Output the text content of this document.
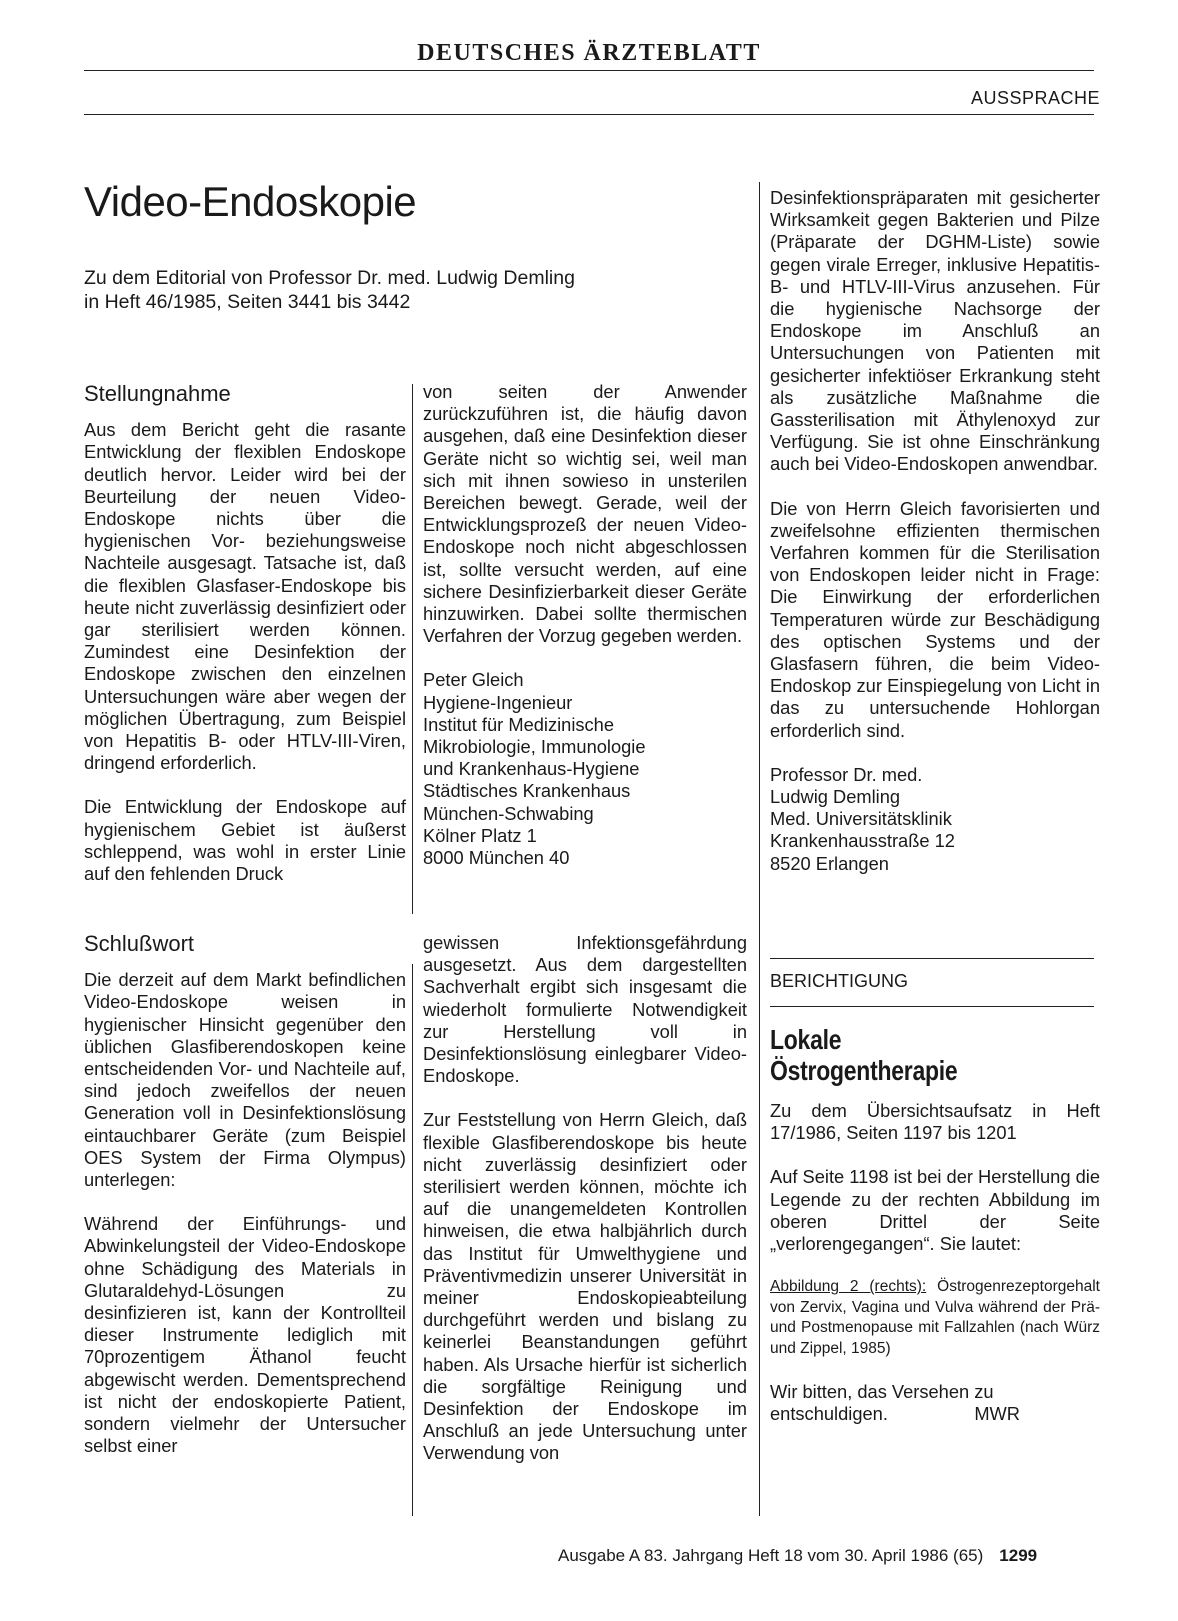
DEUTSCHES ÄRZTEBLATT
AUSSPRACHE
Video-Endoskopie
Zu dem Editorial von Professor Dr. med. Ludwig Demling
in Heft 46/1985, Seiten 3441 bis 3442
Stellungnahme

Aus dem Bericht geht die rasante Entwicklung der flexiblen Endoskope deutlich hervor. Leider wird bei der Beurteilung der neuen Video-Endoskope nichts über die hygienischen Vor- beziehungsweise Nachteile ausgesagt. Tatsache ist, daß die flexiblen Glasfaser-Endoskope bis heute nicht zuverlässig desinfiziert oder gar sterilisiert werden können. Zumindest eine Desinfektion der Endoskope zwischen den einzelnen Untersuchungen wäre aber wegen der möglichen Übertragung, zum Beispiel von Hepatitis B- oder HTLV-III-Viren, dringend erforderlich.

Die Entwicklung der Endoskope auf hygienischem Gebiet ist äußerst schleppend, was wohl in erster Linie auf den fehlenden Druck

von seiten der Anwender zurückzuführen ist, die häufig davon ausgehen, daß eine Desinfektion dieser Geräte nicht so wichtig sei, weil man sich mit ihnen sowieso in unsterilen Bereichen bewegt. Gerade, weil der Entwicklungsprozeß der neuen Video-Endoskope noch nicht abgeschlossen ist, sollte versucht werden, auf eine sichere Desinfizierbarkeit dieser Geräte hinzuwirken. Dabei sollte thermischen Verfahren der Vorzug gegeben werden.

Peter Gleich
Hygiene-Ingenieur
Institut für Medizinische
Mikrobiologie, Immunologie
und Krankenhaus-Hygiene
Städtisches Krankenhaus
München-Schwabing
Kölner Platz 1
8000 München 40

Desinfektionspräparaten mit gesicherter Wirksamkeit gegen Bakterien und Pilze (Präparate der DGHM-Liste) sowie gegen virale Erreger, inklusive Hepatitis-B- und HTLV-III-Virus anzusehen. Für die hygienische Nachsorge der Endoskope im Anschluß an Untersuchungen von Patienten mit gesicherter infektiöser Erkrankung steht als zusätzliche Maßnahme die Gassterilisation mit Äthylenoxyd zur Verfügung. Sie ist ohne Einschränkung auch bei Video-Endoskopen anwendbar.

Die von Herrn Gleich favorisierten und zweifelsohne effizienten thermischen Verfahren kommen für die Sterilisation von Endoskopen leider nicht in Frage: Die Einwirkung der erforderlichen Temperaturen würde zur Beschädigung des optischen Systems und der Glasfasern führen, die beim Video-Endoskop zur Einspiegelung von Licht in das zu untersuchende Hohlorgan erforderlich sind.

Professor Dr. med.
Ludwig Demling
Med. Universitätsklinik
Krankenhausstraße 12
8520 Erlangen
Schlußwort

Die derzeit auf dem Markt befindlichen Video-Endoskope weisen in hygienischer Hinsicht gegenüber den üblichen Glasfiberendoskopen keine entscheidenden Vor- und Nachteile auf, sind jedoch zweifellos der neuen Generation voll in Desinfektionslösung eintauchbarer Geräte (zum Beispiel OES System der Firma Olympus) unterlegen:

Während der Einführungs- und Abwinkelungsteil der Video-Endoskope ohne Schädigung des Materials in Glutaraldehyd-Lösungen zu desinfizieren ist, kann der Kontrollteil dieser Instrumente lediglich mit 70prozentigem Äthanol feucht abgewischt werden. Dementsprechend ist nicht der endoskopierte Patient, sondern vielmehr der Untersucher selbst einer

gewissen Infektionsgefährdung ausgesetzt. Aus dem dargestellten Sachverhalt ergibt sich insgesamt die wiederholt formulierte Notwendigkeit zur Herstellung voll in Desinfektionslösung einlegbarer Video-Endoskope.

Zur Feststellung von Herrn Gleich, daß flexible Glasfiberendoskope bis heute nicht zuverlässig desinfiziert oder sterilisiert werden können, möchte ich auf die unangemeldeten Kontrollen hinweisen, die etwa halbjährlich durch das Institut für Umwelthygiene und Präventivmedizin unserer Universität in meiner Endoskopieabteilung durchgeführt werden und bislang zu keinerlei Beanstandungen geführt haben. Als Ursache hierfür ist sicherlich die sorgfältige Reinigung und Desinfektion der Endoskope im Anschluß an jede Untersuchung unter Verwendung von

BERICHTIGUNG
Lokale
Östrogentherapie

Zu dem Übersichtsaufsatz in Heft 17/1986, Seiten 1197 bis 1201

Auf Seite 1198 ist bei der Herstellung die Legende zu der rechten Abbildung im oberen Drittel der Seite „verlorengegangen“. Sie lautet:

Abbildung 2 (rechts): Östrogenrezeptorgehalt von Zervix, Vagina und Vulva während der Prä- und Postmenopause mit Fallzahlen (nach Würz und Zippel, 1985)

Wir bitten, das Versehen zu
entschuldigen.	MWR
Ausgabe A 83. Jahrgang Heft 18 vom 30. April 1986 (65) 1299
